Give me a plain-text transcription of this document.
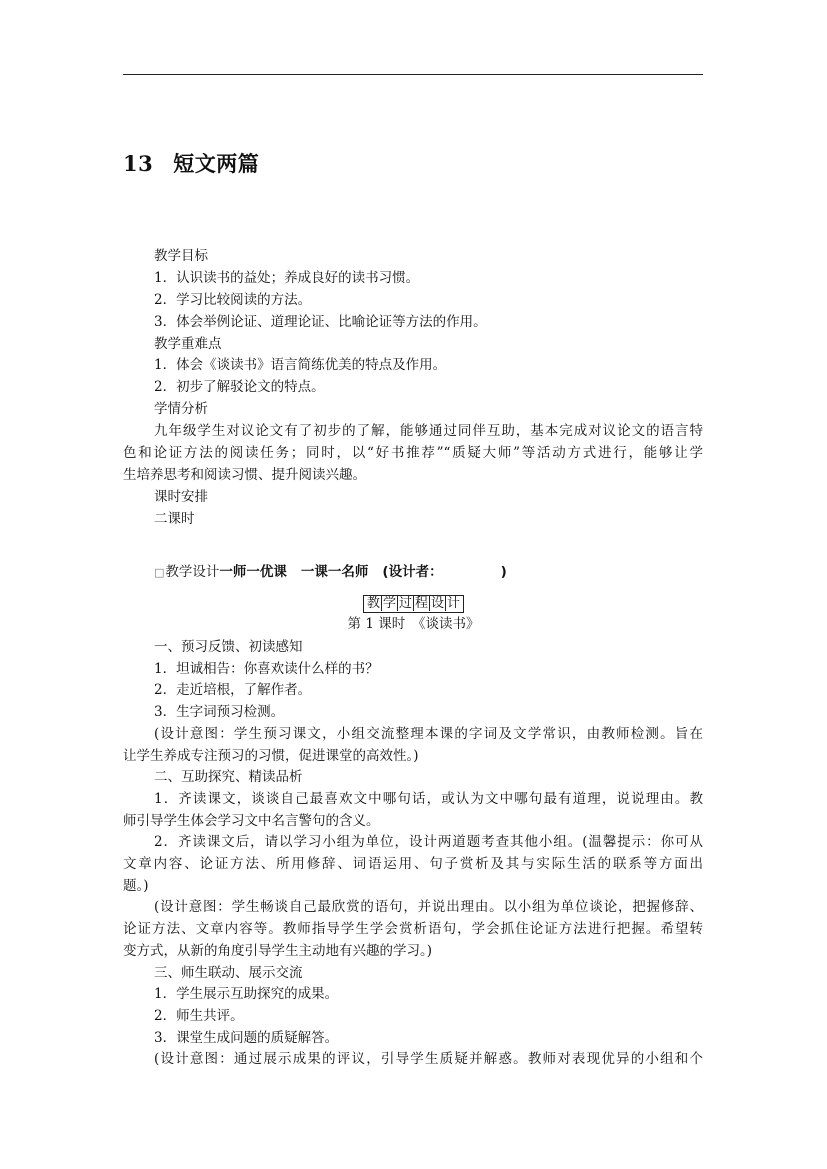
13 短文两篇
教学目标
1．认识读书的益处；养成良好的读书习惯。
2．学习比较阅读的方法。
3．体会举例论证、道理论证、比喻论证等方法的作用。
教学重难点
1．体会《谈读书》语言简练优美的特点及作用。
2．初步了解驳论文的特点。
学情分析
九年级学生对议论文有了初步的了解，能够通过同伴互助，基本完成对议论文的语言特
色和论证方法的阅读任务；同时，以“好书推荐”“质疑大师”等活动方式进行，能够让学
生培养思考和阅读习惯、提升阅读兴趣。
课时安排
二课时
□教学设计一师一优课 一课一名师 (设计者：	)
教 学 过 程 设 计
第 1 课时　《谈读书》
一、预习反馈、初读感知
1．坦诚相告：你喜欢读什么样的书？
2．走近培根，了解作者。
3．生字词预习检测。
(设计意图：学生预习课文，小组交流整理本课的字词及文学常识，由教师检测。旨在
让学生养成专注预习的习惯，促进课堂的高效性。)
二、互助探究、精读品析
1．齐读课文，谈谈自己最喜欢文中哪句话，或认为文中哪句最有道理，说说理由。教
师引导学生体会学习文中名言警句的含义。
2．齐读课文后，请以学习小组为单位，设计两道题考查其他小组。(温馨提示：你可从
文章内容、论证方法、所用修辞、词语运用、句子赏析及其与实际生活的联系等方面出
题。)
(设计意图：学生畅谈自己最欣赏的语句，并说出理由。以小组为单位谈论，把握修辞、
论证方法、文章内容等。教师指导学生学会赏析语句，学会抓住论证方法进行把握。希望转
变方式，从新的角度引导学生主动地有兴趣的学习。)
三、师生联动、展示交流
1．学生展示互助探究的成果。
2．师生共评。
3．课堂生成问题的质疑解答。
(设计意图：通过展示成果的评议，引导学生质疑并解惑。教师对表现优异的小组和个
